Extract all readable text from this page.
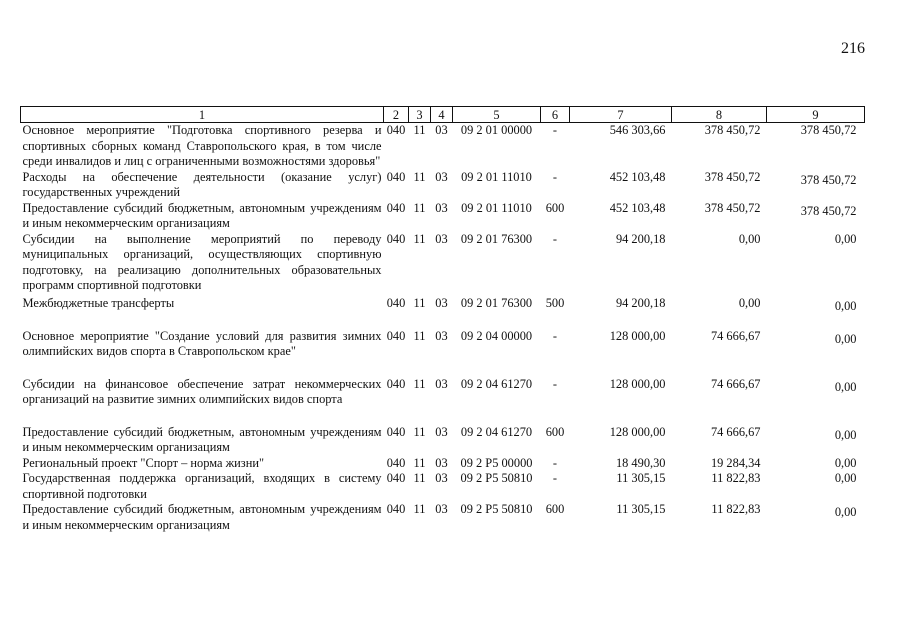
216
1	2	3	4	5	6	7	8	9
Основное мероприятие "Подготовка спортивного резерва и спортивных сборных команд Ставропольского края, в том числе среди инвалидов и лиц с ограниченными возможностями здоровья"	040	11	03	09 2 01 00000	-	546 303,66	378 450,72	378 450,72
Расходы на обеспечение деятельности (оказание услуг) государственных учреждений	040	11	03	09 2 01 11010	-	452 103,48	378 450,72	378 450,72
Предоставление субсидий бюджетным, автономным учреждениям и иным некоммерческим организациям	040	11	03	09 2 01 11010	600	452 103,48	378 450,72	378 450,72
Субсидии на выполнение мероприятий по переводу муниципальных организаций, осуществляющих спортивную подготовку, на реализацию дополнительных образовательных программ спортивной подготовки	040	11	03	09 2 01 76300	-	94 200,18	0,00	0,00
Межбюджетные трансферты	040	11	03	09 2 01 76300	500	94 200,18	0,00	0,00
Основное мероприятие "Создание условий для развития зимних олимпийских видов спорта в Ставропольском крае"	040	11	03	09 2 04 00000	-	128 000,00	74 666,67	0,00
Субсидии на финансовое обеспечение затрат некоммерческих организаций на развитие зимних олимпийских видов спорта	040	11	03	09 2 04 61270	-	128 000,00	74 666,67	0,00
Предоставление субсидий бюджетным, автономным учреждениям и иным некоммерческим организациям	040	11	03	09 2 04 61270	600	128 000,00	74 666,67	0,00
Региональный проект "Спорт – норма жизни"	040	11	03	09 2 P5 00000	-	18 490,30	19 284,34	0,00
Государственная поддержка организаций, входящих в систему спортивной подготовки	040	11	03	09 2 P5 50810	-	11 305,15	11 822,83	0,00
Предоставление субсидий бюджетным, автономным учреждениям и иным некоммерческим организациям	040	11	03	09 2 P5 50810	600	11 305,15	11 822,83	0,00
